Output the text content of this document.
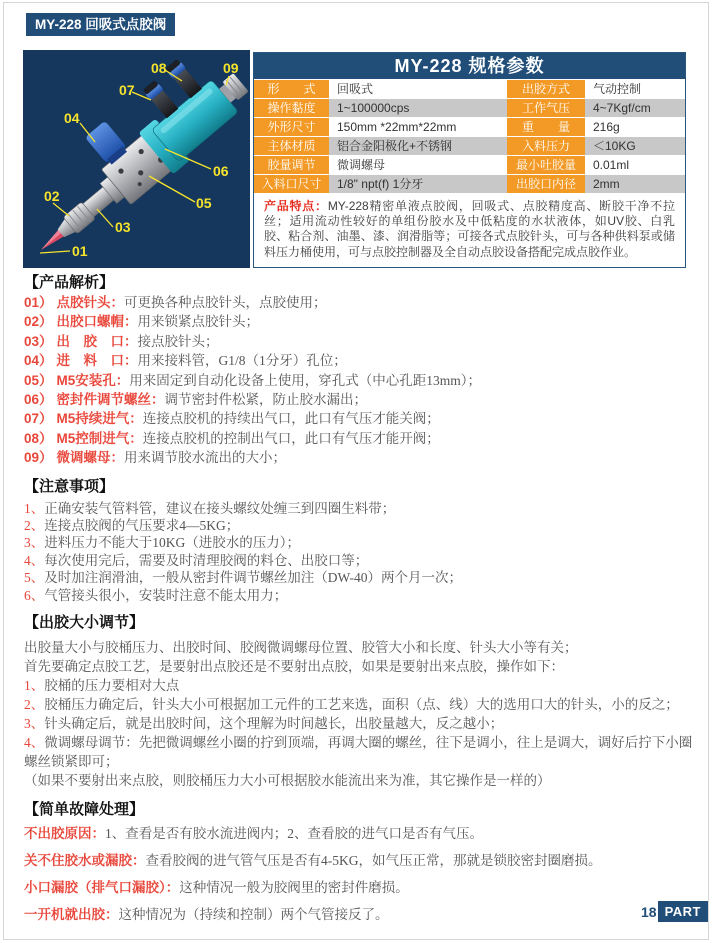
MY-228 回吸式点胶阀
01
02
03
04
05
06
07
08	09	MY-228 规格参数
形　　式	回吸式	出胶方式	气动控制
操作黏度	1~100000cps	工作气压	4~7Kgf/cm
外形尺寸	150mm *22mm*22mm	重　　量	216g
主体材质	铝合金阳极化+不锈钢	入料压力	＜10KG
胶量调节	微调螺母	最小吐胶量	0.01ml
入料口尺寸	1/8" npt(f) 1分牙	出胶口内径	2mm
产品特点：MY-228精密单液点胶阀，回吸式、点胶精度高、断胶干净不拉丝；适用流动性较好的单组份胶水及中低粘度的水状液体，如UV胶、白乳胶、粘合剂、油墨、漆、润滑脂等；可接各式点胶针头，可与各种供料泵或储料压力桶使用，可与点胶控制器及全自动点胶设备搭配完成点胶作业。
【产品解析】
01） 点胶针头：可更换各种点胶针头，点胶使用；
02） 出胶口螺帽：用来锁紧点胶针头；
03） 出　胶　口：接点胶针头；
04） 进　料　口：用来接料管，G1/8（1分牙）孔位；
05） M5安装孔：用来固定到自动化设备上使用，穿孔式（中心孔距13mm）；
06） 密封件调节螺丝：调节密封件松紧，防止胶水漏出；
07） M5持续进气：连接点胶机的持续出气口，此口有气压才能关阀；
08） M5控制进气：连接点胶机的控制出气口，此口有气压才能开阀；
09） 微调螺母：用来调节胶水流出的大小；
【注意事项】
1、正确安装气管料管，建议在接头螺纹处缠三到四圈生料带；
2、连接点胶阀的气压要求4—5KG；
3、进料压力不能大于10KG（进胶水的压力）；
4、每次使用完后，需要及时清理胶阀的料仓、出胶口等；
5、及时加注润滑油，一般从密封件调节螺丝加注（DW-40）两个月一次；
6、气管接头很小，安装时注意不能太用力；
【出胶大小调节】
出胶量大小与胶桶压力、出胶时间、胶阀微调螺母位置、胶管大小和长度、针头大小等有关；
首先要确定点胶工艺，是要射出点胶还是不要射出点胶，如果是要射出来点胶，操作如下：
1、胶桶的压力要相对大点
2、胶桶压力确定后，针头大小可根据加工元件的工艺来选，面积（点、线）大的选用口大的针头，小的反之；
3、针头确定后，就是出胶时间，这个理解为时间越长，出胶量越大，反之越小；
4、微调螺母调节：先把微调螺丝小圈的拧到顶端，再调大圈的螺丝，往下是调小，往上是调大，调好后拧下小圈螺丝锁紧即可；
（如果不要射出来点胶，则胶桶压力大小可根据胶水能流出来为准，其它操作是一样的）
【简单故障处理】
不出胶原因：1、查看是否有胶水流进阀内；2、查看胶的进气口是否有气压。
关不住胶水或漏胶：查看胶阀的进气管气压是否有4-5KG，如气压正常，那就是锁胶密封圈磨损。
小口漏胶（排气口漏胶）：这种情况一般为胶阀里的密封件磨损。
一开机就出胶：这种情况为（持续和控制）两个气管接反了。	18 PART
